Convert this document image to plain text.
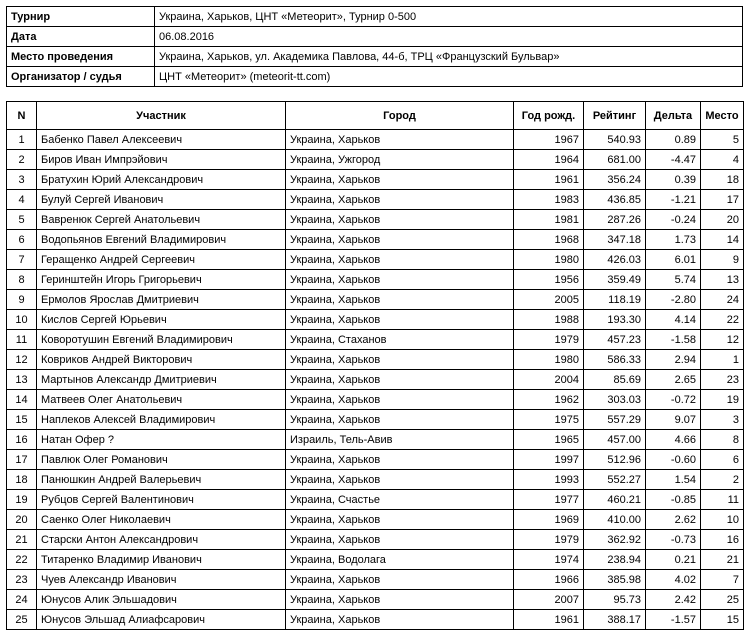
Турнир	Украина, Харьков, ЦНТ «Метеорит», Турнир 0-500
Дата	06.08.2016
Место проведения	Украина, Харьков, ул. Академика Павлова, 44-б, ТРЦ «Французский Бульвар»
Организатор / судья	ЦНТ «Метеорит» (meteorit-tt.com)
N	Участник	Город	Год рожд.	Рейтинг	Дельта	Место
1	Бабенко Павел Алексеевич	Украина, Харьков	1967	540.93	0.89	5
2	Биров Иван Импрэйович	Украина, Ужгород	1964	681.00	-4.47	4
3	Братухин Юрий Александрович	Украина, Харьков	1961	356.24	0.39	18
4	Булуй Сергей Иванович	Украина, Харьков	1983	436.85	-1.21	17
5	Вавренюк Сергей Анатольевич	Украина, Харьков	1981	287.26	-0.24	20
6	Водопьянов Евгений Владимирович	Украина, Харьков	1968	347.18	1.73	14
7	Геращенко Андрей Сергеевич	Украина, Харьков	1980	426.03	6.01	9
8	Геринштейн Игорь Григорьевич	Украина, Харьков	1956	359.49	5.74	13
9	Ермолов Ярослав Дмитриевич	Украина, Харьков	2005	118.19	-2.80	24
10	Кислов Сергей Юрьевич	Украина, Харьков	1988	193.30	4.14	22
11	Коворотушин Евгений Владимирович	Украина, Стаханов	1979	457.23	-1.58	12
12	Ковриков Андрей Викторович	Украина, Харьков	1980	586.33	2.94	1
13	Мартынов Александр Дмитриевич	Украина, Харьков	2004	85.69	2.65	23
14	Матвеев Олег Анатольевич	Украина, Харьков	1962	303.03	-0.72	19
15	Наплеков Алексей Владимирович	Украина, Харьков	1975	557.29	9.07	3
16	Натан Офер ?	Израиль, Тель-Авив	1965	457.00	4.66	8
17	Павлюк Олег Романович	Украина, Харьков	1997	512.96	-0.60	6
18	Панюшкин Андрей Валерьевич	Украина, Харьков	1993	552.27	1.54	2
19	Рубцов Сергей Валентинович	Украина, Счастье	1977	460.21	-0.85	11
20	Саенко Олег Николаевич	Украина, Харьков	1969	410.00	2.62	10
21	Старски Антон Александрович	Украина, Харьков	1979	362.92	-0.73	16
22	Титаренко Владимир Иванович	Украина, Водолага	1974	238.94	0.21	21
23	Чуев Александр Иванович	Украина, Харьков	1966	385.98	4.02	7
24	Юнусов Алик Эльшадович	Украина, Харьков	2007	95.73	2.42	25
25	Юнусов Эльшад Алиафсарович	Украина, Харьков	1961	388.17	-1.57	15
